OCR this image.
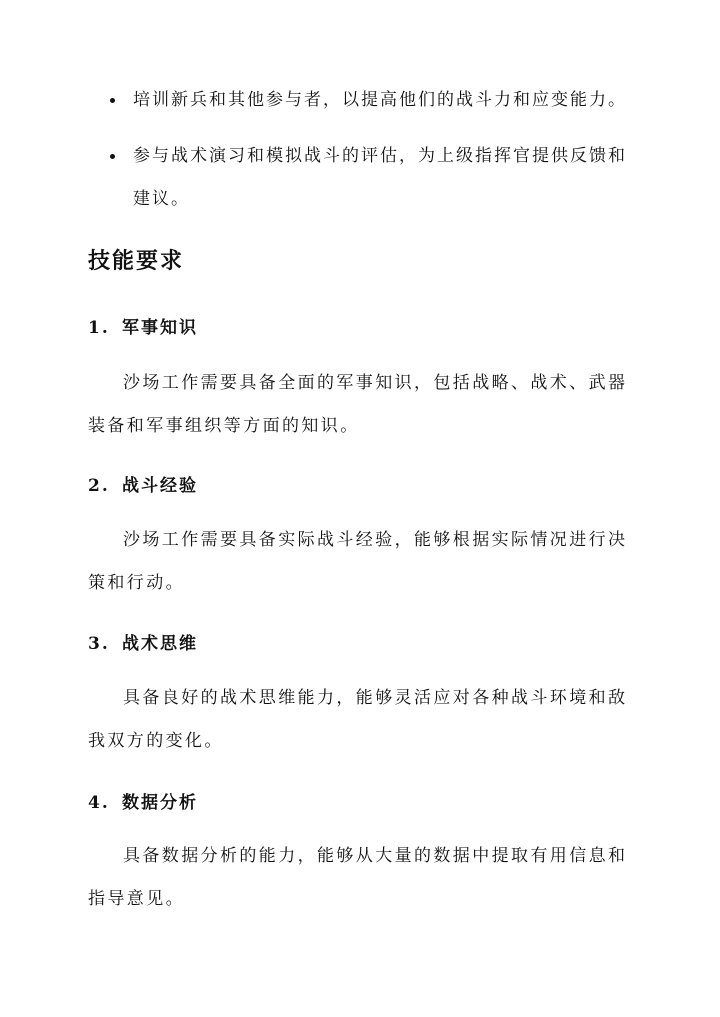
培训新兵和其他参与者，以提高他们的战斗力和应变能力。
参与战术演习和模拟战斗的评估，为上级指挥官提供反馈和
建议。
技能要求
1. 军事知识
沙场工作需要具备全面的军事知识，包括战略、战术、武器装备和军事组织等方面的知识。
2. 战斗经验
沙场工作需要具备实际战斗经验，能够根据实际情况进行决策和行动。
3. 战术思维
具备良好的战术思维能力，能够灵活应对各种战斗环境和敌我双方的变化。
4. 数据分析
具备数据分析的能力，能够从大量的数据中提取有用信息和指导意见。
